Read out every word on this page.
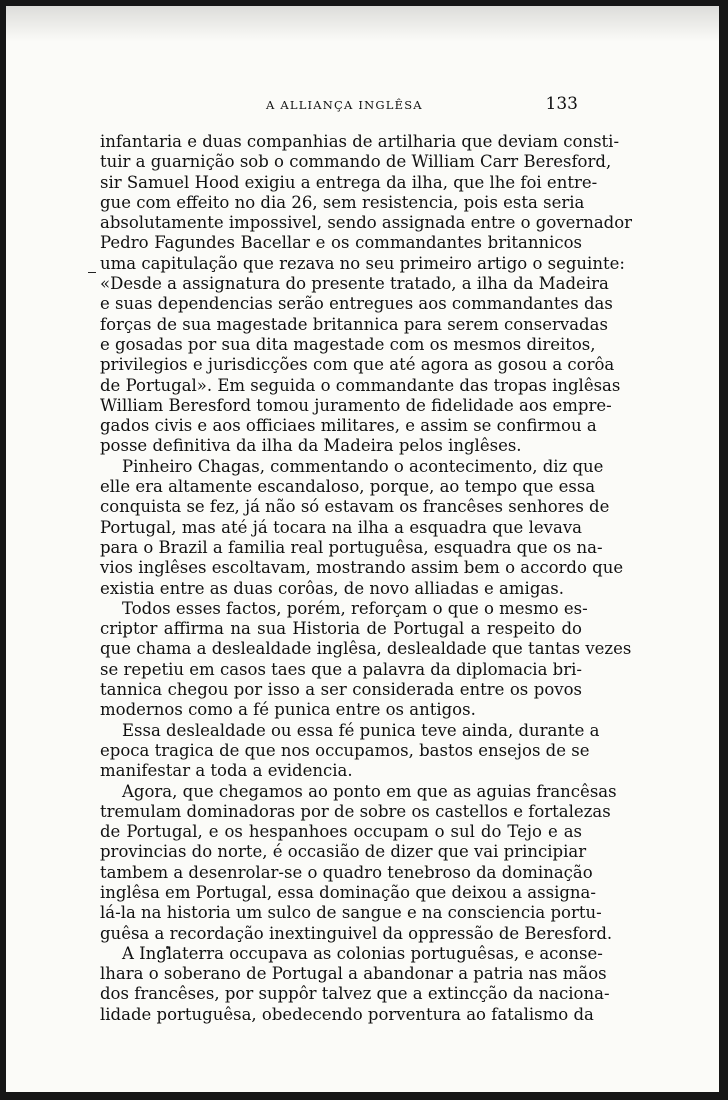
A ALLIANÇA INGLÊSA	133

infantaria e duas companhias de artilharia que deviam consti-
tuir a guarnição sob o commando de William Carr Beresford,
sir Samuel Hood exigiu a entrega da ilha, que lhe foi entre-
gue com effeito no dia 26, sem resistencia, pois esta seria
absolutamente impossivel, sendo assignada entre o governador
Pedro Fagundes Bacellar e os commandantes britannicos
uma capitulação que rezava no seu primeiro artigo o seguinte:
«Desde a assignatura do presente tratado, a ilha da Madeira
e suas dependencias serão entregues aos commandantes das
forças de sua magestade britannica para serem conservadas
e gosadas por sua dita magestade com os mesmos direitos,
privilegios e jurisdicções com que até agora as gosou a corôa
de Portugal». Em seguida o commandante das tropas inglêsas
William Beresford tomou juramento de fidelidade aos empre-
gados civis e aos officiaes militares, e assim se confirmou a
posse definitiva da ilha da Madeira pelos inglêses.

Pinheiro Chagas, commentando o acontecimento, diz que
elle era altamente escandaloso, porque, ao tempo que essa
conquista se fez, já não só estavam os francêses senhores de
Portugal, mas até já tocara na ilha a esquadra que levava
para o Brazil a familia real portuguêsa, esquadra que os na-
vios inglêses escoltavam, mostrando assim bem o accordo que
existia entre as duas corôas, de novo alliadas e amigas.

Todos esses factos, porém, reforçam o que o mesmo es-
criptor affirma na sua Historia de Portugal a respeito do
que chama a deslealdade inglêsa, deslealdade que tantas vezes
se repetiu em casos taes que a palavra da diplomacia bri-
tannica chegou por isso a ser considerada entre os povos
modernos como a fé punica entre os antigos.

Essa deslealdade ou essa fé punica teve ainda, durante a
epoca tragica de que nos occupamos, bastos ensejos de se
manifestar a toda a evidencia.

Agora, que chegamos ao ponto em que as aguias francêsas
tremulam dominadoras por de sobre os castellos e fortalezas
de Portugal, e os hespanhoes occupam o sul do Tejo e as
provincias do norte, é occasião de dizer que vai principiar
tambem a desenrolar-se o quadro tenebroso da dominação
inglêsa em Portugal, essa dominação que deixou a assigna-
lá-la na historia um sulco de sangue e na consciencia portu-
guêsa a recordação inextinguivel da oppressão de Beresford.

A Inglaterra occupava as colonias portuguêsas, e aconse-
lhara o soberano de Portugal a abandonar a patria nas mãos
dos francêses, por suppôr talvez que a extincção da naciona-
lidade portuguêsa, obedecendo porventura ao fatalismo da
